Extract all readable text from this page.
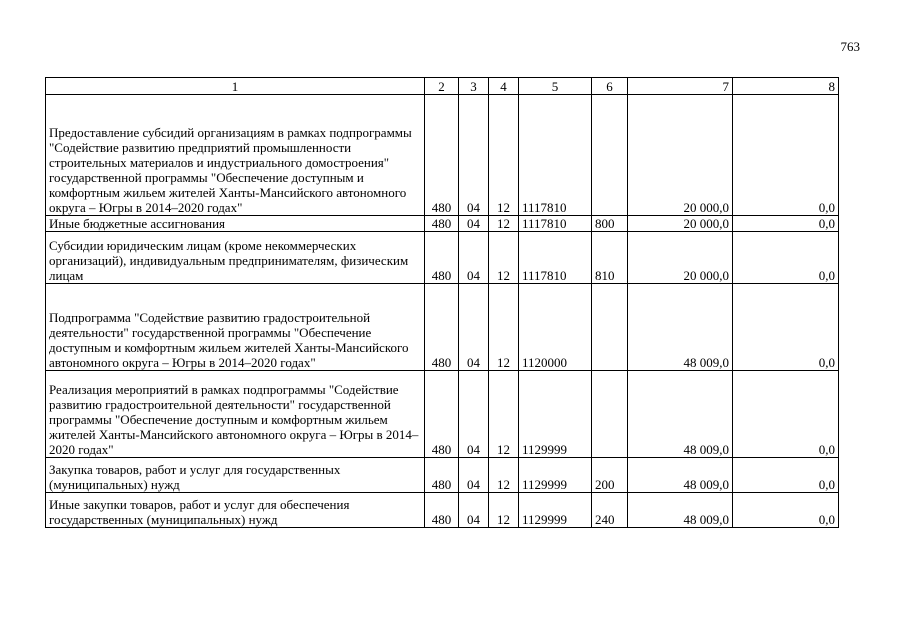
763
1	2	3	4	5	6	7	8
Предоставление субсидий организациям в рамках подпрограммы "Содействие развитию предприятий промышленности строительных материалов и индустриального домостроения" государственной программы "Обеспечение доступным и комфортным жильем жителей Ханты-Мансийского автономного округа – Югры в 2014–2020 годах"	480	04	12	1117810		20 000,0	0,0
Иные бюджетные ассигнования	480	04	12	1117810	800	20 000,0	0,0
Субсидии юридическим лицам (кроме некоммерческих организаций), индивидуальным предпринимателям, физическим лицам	480	04	12	1117810	810	20 000,0	0,0
Подпрограмма "Содействие развитию градостроительной деятельности" государственной программы "Обеспечение доступным и комфортным жильем жителей Ханты-Мансийского автономного округа – Югры в 2014–2020 годах"	480	04	12	1120000		48 009,0	0,0
Реализация мероприятий в рамках подпрограммы "Содействие развитию градостроительной деятельности" государственной программы "Обеспечение доступным и комфортным жильем жителей Ханты-Мансийского автономного округа – Югры в 2014–2020 годах"	480	04	12	1129999		48 009,0	0,0
Закупка товаров, работ и услуг для государственных (муниципальных) нужд	480	04	12	1129999	200	48 009,0	0,0
Иные закупки товаров, работ и услуг для обеспечения государственных (муниципальных) нужд	480	04	12	1129999	240	48 009,0	0,0
